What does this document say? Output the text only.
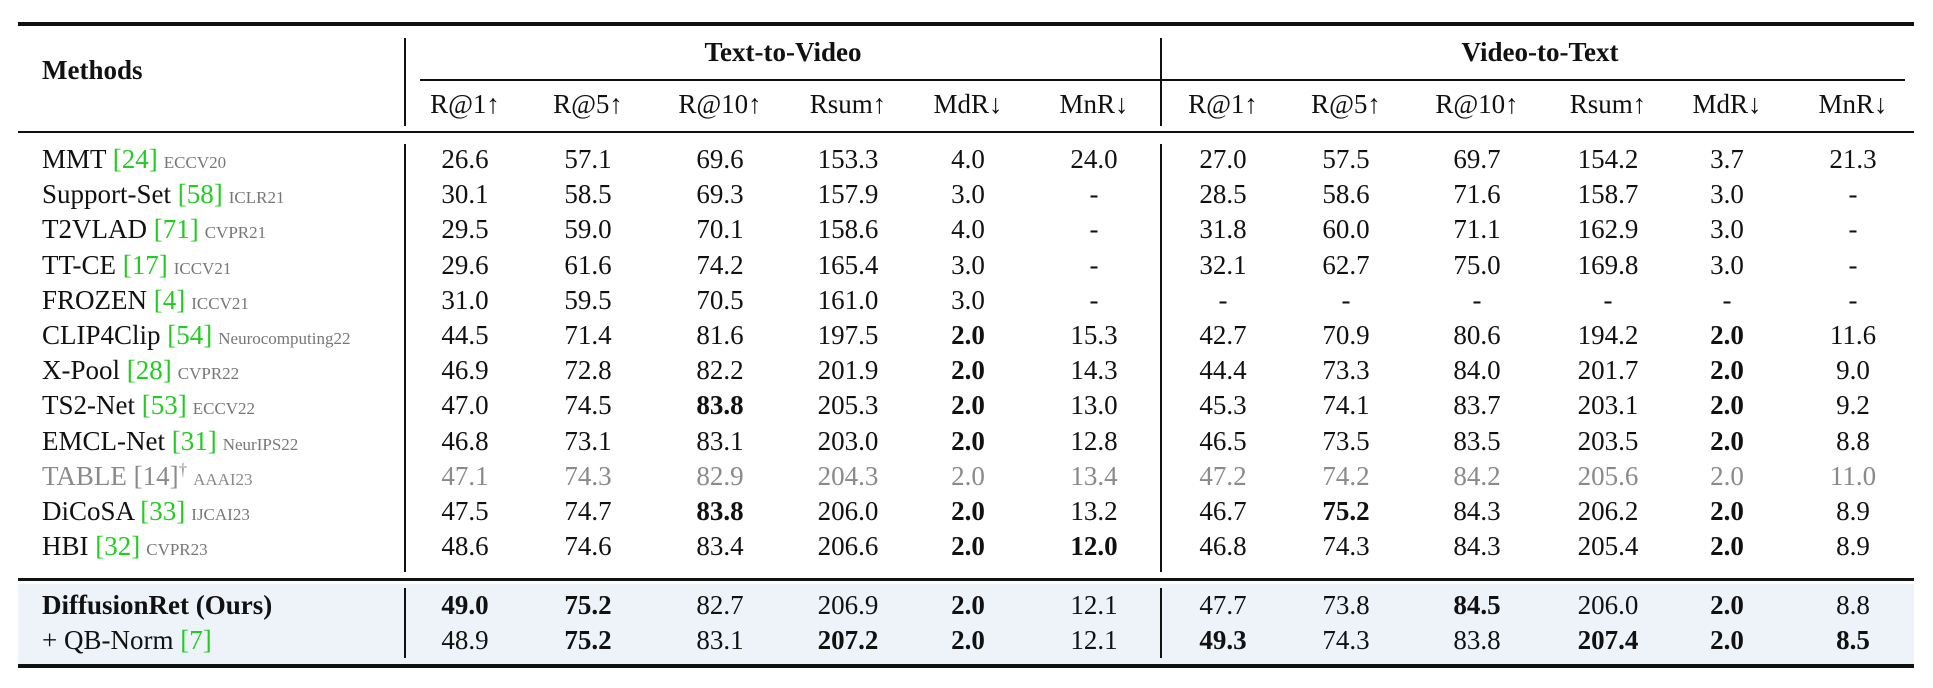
Methods
Text-to-Video	Video-to-Text
R@1↑ R@5↑ R@10↑ Rsum↑ MdR↓ MnR↓ R@1↑ R@5↑ R@10↑ Rsum↑ MdR↓ MnR↓
MMT [24] ECCV20	26.6	57.1	69.6	153.3	4.0	24.0	27.0	57.5	69.7	154.2	3.7	21.3
Support-Set [58] ICLR21	30.1	58.5	69.3	157.9	3.0	-	28.5	58.6	71.6	158.7	3.0	-
T2VLAD [71] CVPR21	29.5	59.0	70.1	158.6	4.0	-	31.8	60.0	71.1	162.9	3.0	-
TT-CE [17] ICCV21	29.6	61.6	74.2	165.4	3.0	-	32.1	62.7	75.0	169.8	3.0	-
FROZEN [4] ICCV21	31.0	59.5	70.5	161.0	3.0	-	-	-	-	-	-	-
CLIP4Clip [54] Neurocomputing22	44.5	71.4	81.6	197.5	2.0	15.3	42.7	70.9	80.6	194.2	2.0	11.6
X-Pool [28] CVPR22	46.9	72.8	82.2	201.9	2.0	14.3	44.4	73.3	84.0	201.7	2.0	9.0
TS2-Net [53] ECCV22	47.0	74.5	83.8	205.3	2.0	13.0	45.3	74.1	83.7	203.1	2.0	9.2
EMCL-Net [31] NeurIPS22	46.8	73.1	83.1	203.0	2.0	12.8	46.5	73.5	83.5	203.5	2.0	8.8
TABLE [14]†AAAI23	47.1	74.3	82.9	204.3	2.0	13.4	47.2	74.2	84.2	205.6	2.0	11.0
DiCoSA [33] IJCAI23	47.5	74.7	83.8	206.0	2.0	13.2	46.7	75.2	84.3	206.2	2.0	8.9
HBI [32] CVPR23	48.6	74.6	83.4	206.6	2.0	12.0	46.8	74.3	84.3	205.4	2.0	8.9
DiffusionRet (Ours)	49.0	75.2	82.7	206.9	2.0	12.1	47.7	73.8	84.5	206.0	2.0	8.8
+ QB-Norm [7]	48.9	75.2	83.1	207.2	2.0	12.1	49.3	74.3	83.8	207.4	2.0	8.5
